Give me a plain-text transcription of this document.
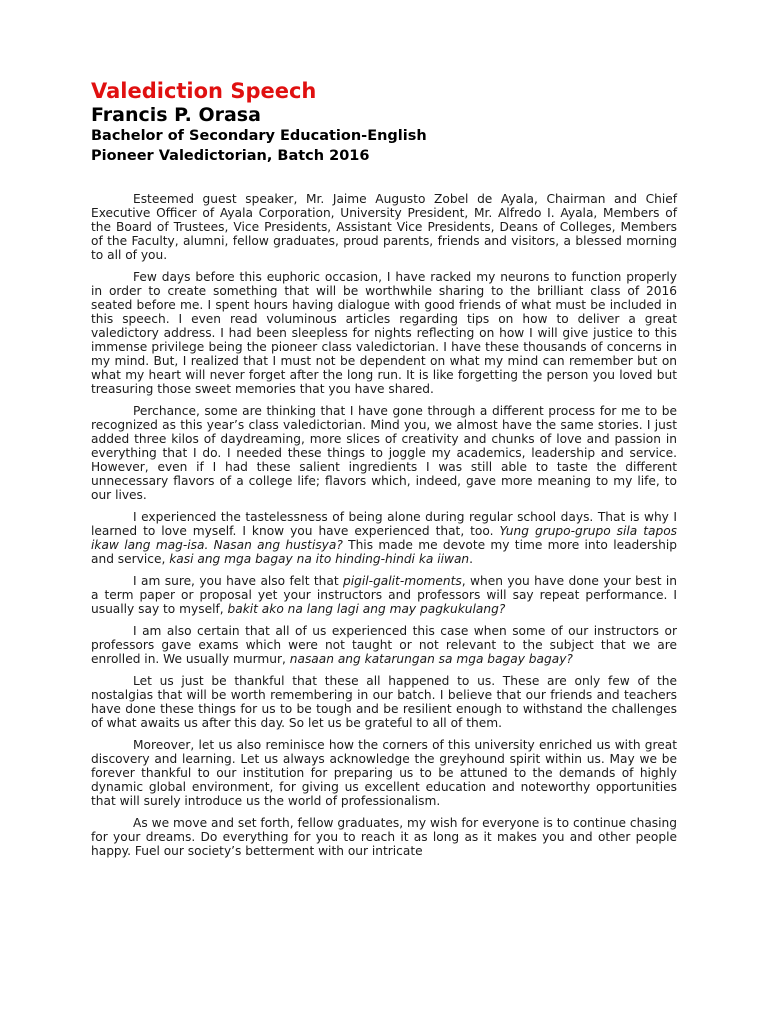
Valediction Speech
Francis P. Orasa
Bachelor of Secondary Education-English
Pioneer Valedictorian, Batch 2016

Esteemed guest speaker, Mr. Jaime Augusto Zobel de Ayala, Chairman and Chief Executive Officer of Ayala Corporation, University President, Mr. Alfredo I. Ayala, Members of the Board of Trustees, Vice Presidents, Assistant Vice Presidents, Deans of Colleges, Members of the Faculty, alumni, fellow graduates, proud parents, friends and visitors, a blessed morning to all of you.

Few days before this euphoric occasion, I have racked my neurons to function properly in order to create something that will be worthwhile sharing to the brilliant class of 2016 seated before me. I spent hours having dialogue with good friends of what must be included in this speech. I even read voluminous articles regarding tips on how to deliver a great valedictory address. I had been sleepless for nights reflecting on how I will give justice to this immense privilege being the pioneer class valedictorian. I have these thousands of concerns in my mind. But, I realized that I must not be dependent on what my mind can remember but on what my heart will never forget after the long run. It is like forgetting the person you loved but treasuring those sweet memories that you have shared.

Perchance, some are thinking that I have gone through a different process for me to be recognized as this year’s class valedictorian. Mind you, we almost have the same stories. I just added three kilos of daydreaming, more slices of creativity and chunks of love and passion in everything that I do. I needed these things to joggle my academics, leadership and service. However, even if I had these salient ingredients I was still able to taste the different unnecessary flavors of a college life; flavors which, indeed, gave more meaning to my life, to our lives.

I experienced the tastelessness of being alone during regular school days. That is why I learned to love myself. I know you have experienced that, too. Yung grupo-grupo sila tapos ikaw lang mag-isa. Nasan ang hustisya? This made me devote my time more into leadership and service, kasi ang mga bagay na ito hinding-hindi ka iiwan.

I am sure, you have also felt that pigil-galit-moments, when you have done your best in a term paper or proposal yet your instructors and professors will say repeat performance. I usually say to myself, bakit ako na lang lagi ang may pagkukulang?

I am also certain that all of us experienced this case when some of our instructors or professors gave exams which were not taught or not relevant to the subject that we are enrolled in. We usually murmur, nasaan ang katarungan sa mga bagay bagay?

Let us just be thankful that these all happened to us. These are only few of the nostalgias that will be worth remembering in our batch. I believe that our friends and teachers have done these things for us to be tough and be resilient enough to withstand the challenges of what awaits us after this day. So let us be grateful to all of them.

Moreover, let us also reminisce how the corners of this university enriched us with great discovery and learning. Let us always acknowledge the greyhound spirit within us. May we be forever thankful to our institution for preparing us to be attuned to the demands of highly dynamic global environment, for giving us excellent education and noteworthy opportunities that will surely introduce us the world of professionalism.

As we move and set forth, fellow graduates, my wish for everyone is to continue chasing for your dreams. Do everything for you to reach it as long as it makes you and other people happy. Fuel our society’s betterment with our intricate
